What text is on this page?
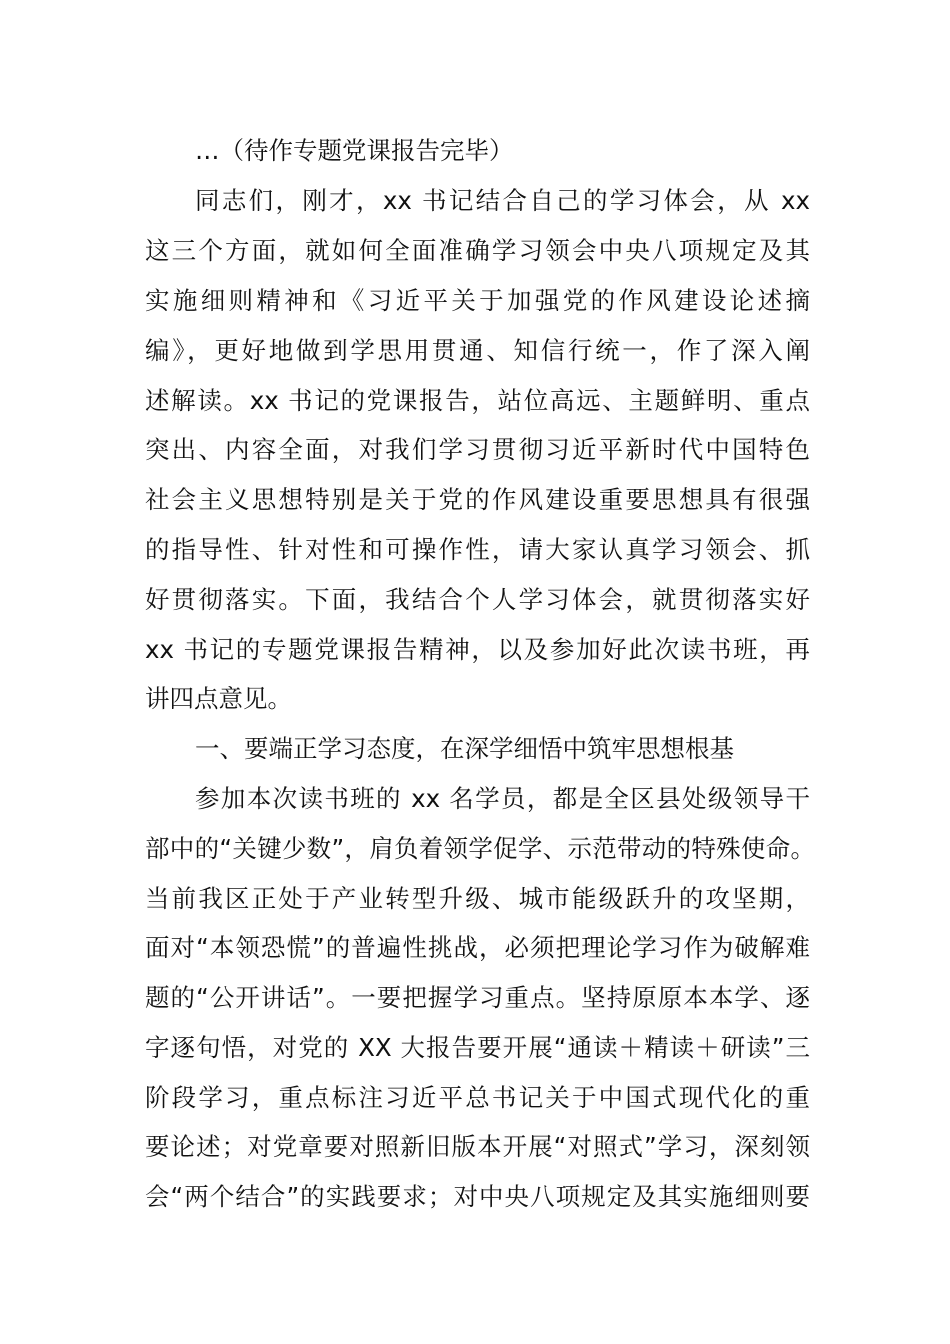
…（待作专题党课报告完毕）
同志们，刚才，xx 书记结合自己的学习体会，从 xx
这三个方面，就如何全面准确学习领会中央八项规定及其
实施细则精神和《习近平关于加强党的作风建设论述摘
编》，更好地做到学思用贯通、知信行统一，作了深入阐
述解读。xx 书记的党课报告，站位高远、主题鲜明、重点
突出、内容全面，对我们学习贯彻习近平新时代中国特色
社会主义思想特别是关于党的作风建设重要思想具有很强
的指导性、针对性和可操作性，请大家认真学习领会、抓
好贯彻落实。下面，我结合个人学习体会，就贯彻落实好
xx 书记的专题党课报告精神，以及参加好此次读书班，再
讲四点意见。
一、要端正学习态度，在深学细悟中筑牢思想根基
参加本次读书班的 xx 名学员，都是全区县处级领导干
部中的“关键少数”，肩负着领学促学、示范带动的特殊使命。
当前我区正处于产业转型升级、城市能级跃升的攻坚期，
面对“本领恐慌”的普遍性挑战，必须把理论学习作为破解难
题的“公开讲话”。一要把握学习重点。坚持原原本本学、逐
字逐句悟，对党的 XX 大报告要开展“通读＋精读＋研读”三
阶段学习，重点标注习近平总书记关于中国式现代化的重
要论述；对党章要对照新旧版本开展“对照式”学习，深刻领
会“两个结合”的实践要求；对中央八项规定及其实施细则要
